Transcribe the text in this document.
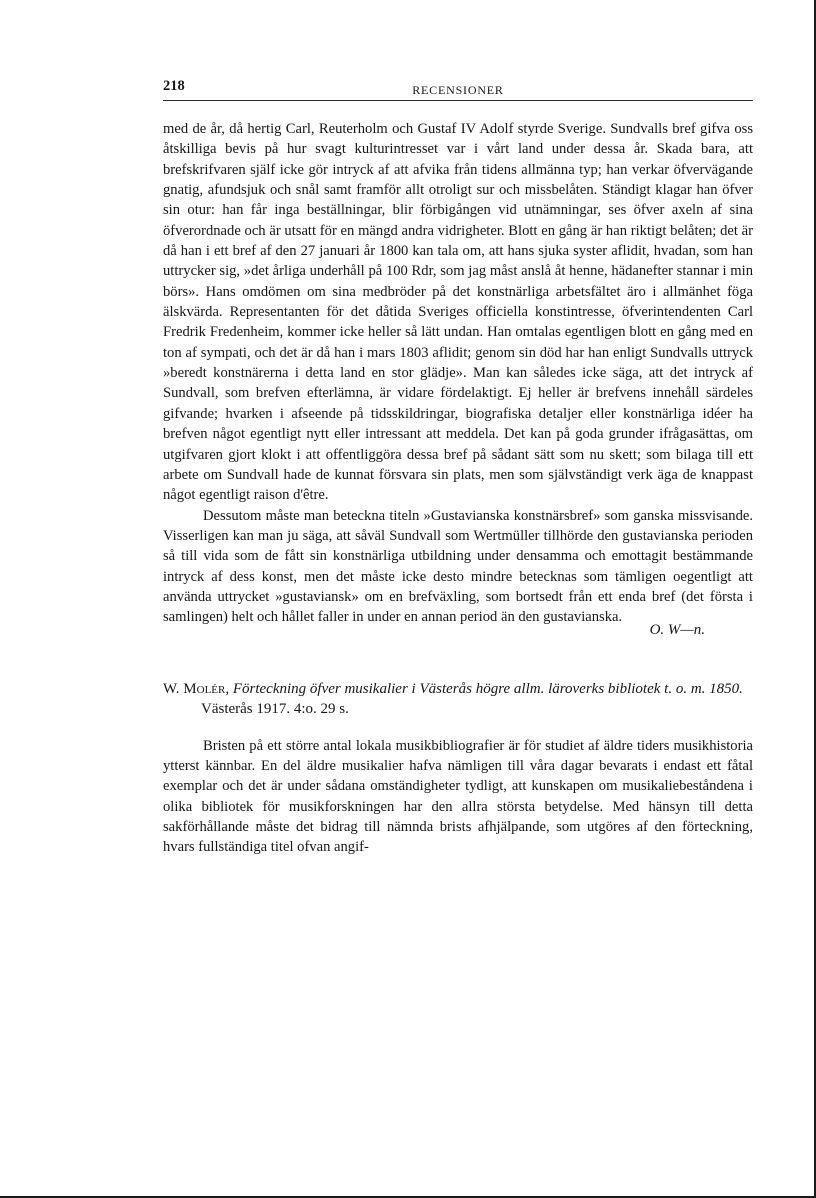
218	RECENSIONER

med de år, då hertig Carl, Reuterholm och Gustaf IV Adolf styrde Sverige. Sundvalls bref gifva oss åtskilliga bevis på hur svagt kulturintresset var i vårt land under dessa år. Skada bara, att brefskrifvaren själf icke gör intryck af att afvika från tidens allmänna typ; han verkar öfvervägande gnatig, afundsjuk och snål samt framför allt otroligt sur och missbelåten. Ständigt klagar han öfver sin otur: han får inga beställningar, blir förbigången vid utnämningar, ses öfver axeln af sina öfverordnade och är utsatt för en mängd andra vidrigheter. Blott en gång är han riktigt belåten; det är då han i ett bref af den 27 januari år 1800 kan tala om, att hans sjuka syster aflidit, hvadan, som han uttrycker sig, »det årliga underhåll på 100 Rdr, som jag måst anslå åt henne, hädanefter stannar i min börs». Hans omdömen om sina medbröder på det konstnärliga arbetsfältet äro i allmänhet föga älskvärda. Representanten för det dåtida Sveriges officiella konstintresse, öfverintendenten Carl Fredrik Fredenheim, kommer icke heller så lätt undan. Han omtalas egentligen blott en gång med en ton af sympati, och det är då han i mars 1803 aflidit; genom sin död har han enligt Sundvalls uttryck »beredt konstnärerna i detta land en stor glädje». Man kan således icke säga, att det intryck af Sundvall, som brefven efterlämna, är vidare fördelaktigt. Ej heller är brefvens innehåll särdeles gifvande; hvarken i afseende på tidsskildringar, biografiska detaljer eller konstnärliga idéer ha brefven något egentligt nytt eller intressant att meddela. Det kan på goda grunder ifrågasättas, om utgifvaren gjort klokt i att offentliggöra dessa bref på sådant sätt som nu skett; som bilaga till ett arbete om Sundvall hade de kunnat försvara sin plats, men som självständigt verk äga de knappast något egentligt raison d'être.

Dessutom måste man beteckna titeln »Gustavianska konstnärsbref» som ganska missvisande. Visserligen kan man ju säga, att såväl Sundvall som Wertmüller tillhörde den gustavianska perioden så till vida som de fått sin konstnärliga utbildning under densamma och emottagit bestämmande intryck af dess konst, men det måste icke desto mindre betecknas som tämligen oegentligt att använda uttrycket »gustaviansk» om en brefväxling, som bortsedt från ett enda bref (det första i samlingen) helt och hållet faller in under en annan period än den gustavianska.

O. W—n.

W. Molér, Förteckning öfver musikalier i Västerås högre allm. läroverks bibliotek t. o. m. 1850. Västerås 1917. 4:o. 29 s.

Bristen på ett större antal lokala musikbibliografier är för studiet af äldre tiders musikhistoria ytterst kännbar. En del äldre musikalier hafva nämligen till våra dagar bevarats i endast ett fåtal exemplar och det är under sådana omständigheter tydligt, att kunskapen om musikaliebeståndena i olika bibliotek för musikforskningen har den allra största betydelse. Med hänsyn till detta sakförhållande måste det bidrag till nämnda brists afhjälpande, som utgöres af den förteckning, hvars fullständiga titel ofvan angif-
